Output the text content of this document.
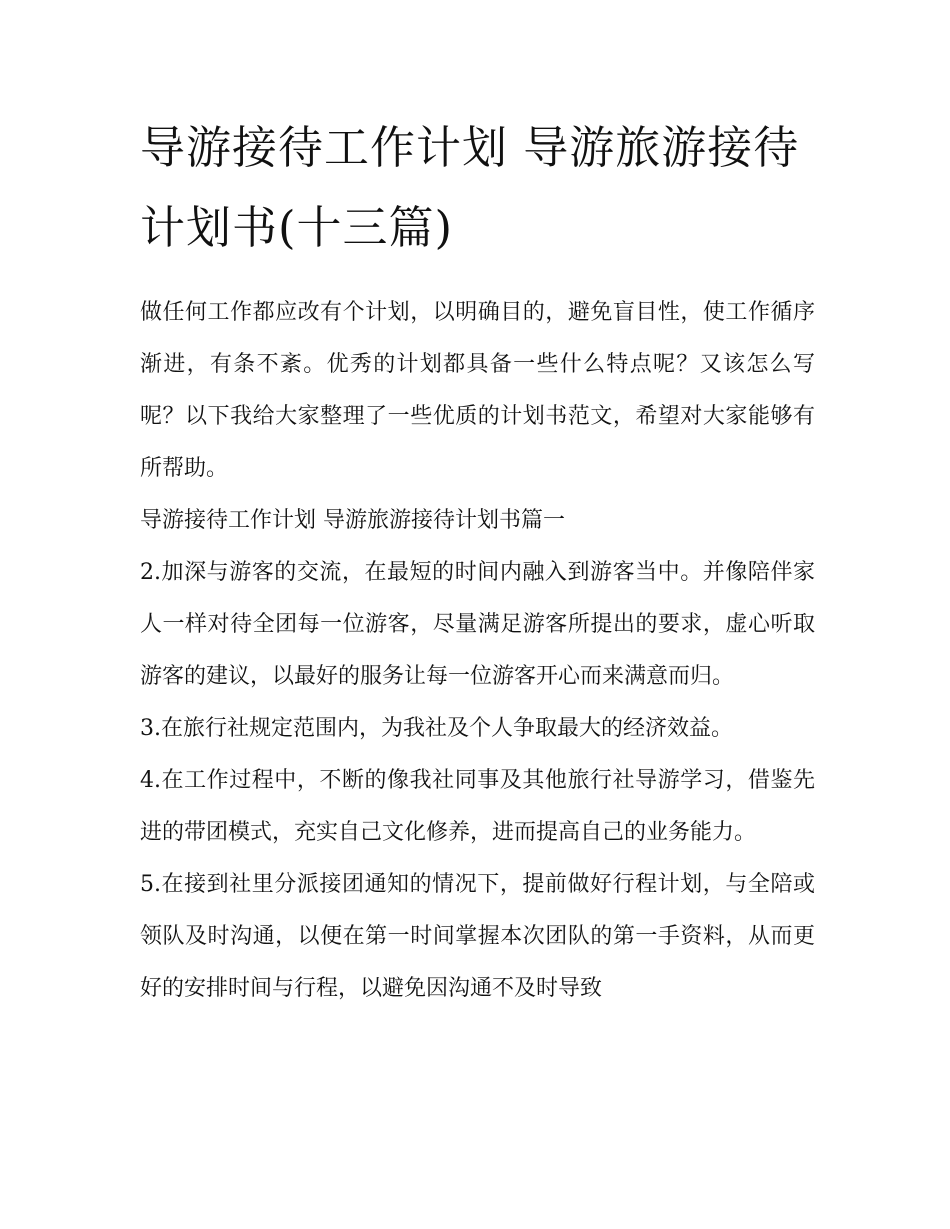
导游接待工作计划 导游旅游接待计划书(十三篇)

做任何工作都应改有个计划，以明确目的，避免盲目性，使工作循序渐进，有条不紊。优秀的计划都具备一些什么特点呢？又该怎么写呢？以下我给大家整理了一些优质的计划书范文，希望对大家能够有所帮助。

导游接待工作计划 导游旅游接待计划书篇一

2.加深与游客的交流，在最短的时间内融入到游客当中。并像陪伴家人一样对待全团每一位游客，尽量满足游客所提出的要求，虚心听取游客的建议，以最好的服务让每一位游客开心而来满意而归。

3.在旅行社规定范围内，为我社及个人争取最大的经济效益。

4.在工作过程中，不断的像我社同事及其他旅行社导游学习，借鉴先进的带团模式，充实自己文化修养，进而提高自己的业务能力。

5.在接到社里分派接团通知的情况下，提前做好行程计划，与全陪或领队及时沟通，以便在第一时间掌握本次团队的第一手资料，从而更好的安排时间与行程，以避免因沟通不及时导致
